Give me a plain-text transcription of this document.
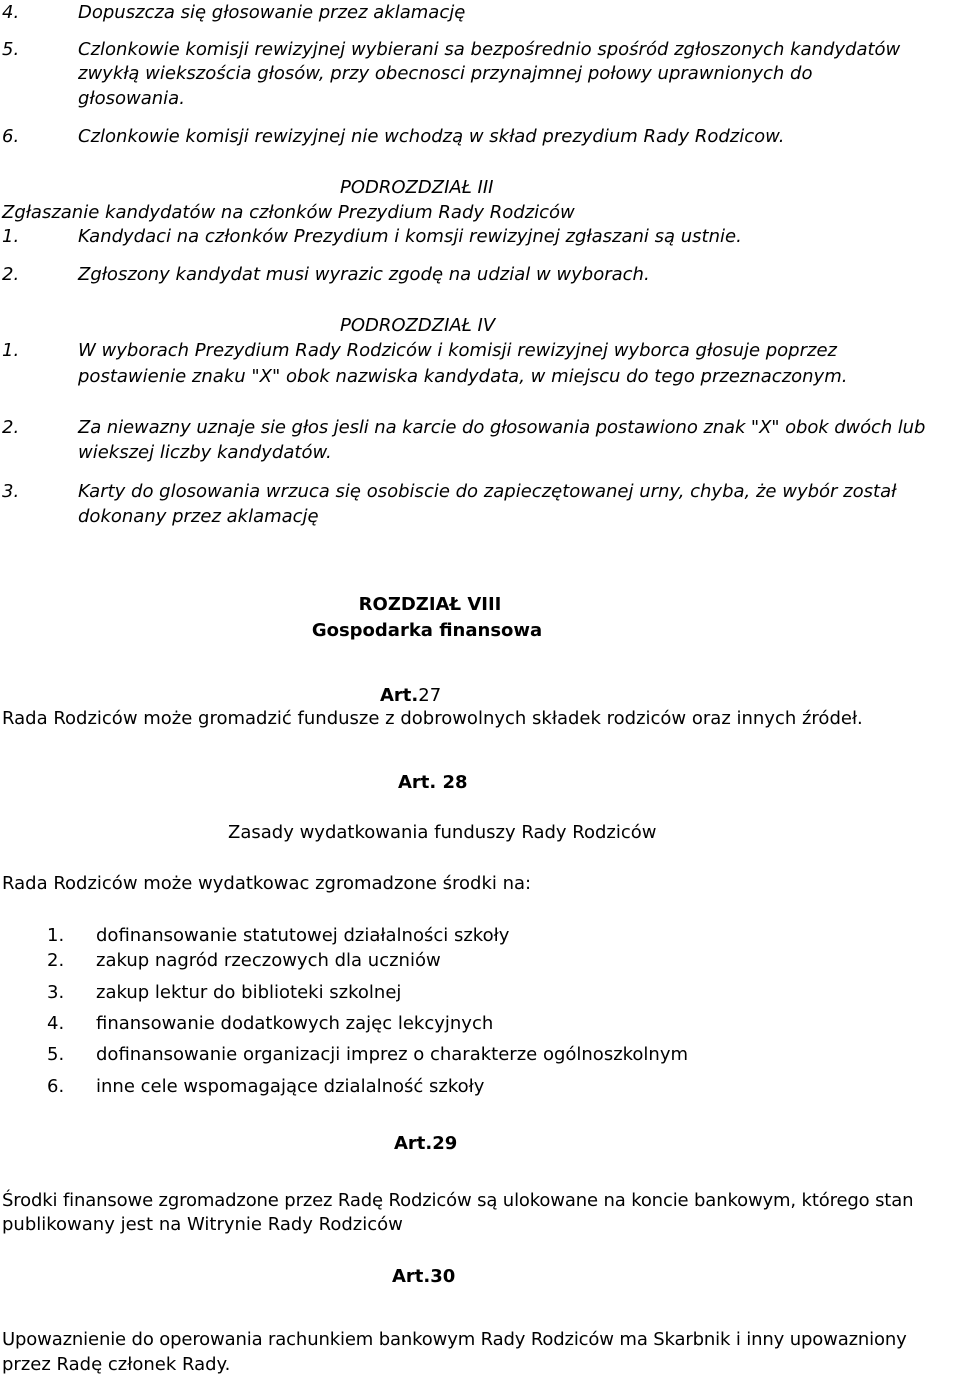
4.	Dopuszcza się głosowanie przez aklamację
5.	Czlonkowie komisji rewizyjnej wybierani sa bezpośrednio spośród zgłoszonych kandydatów
zwykłą wiekszościa głosów, przy obecnosci przynajmnej połowy uprawnionych do
głosowania.
6.	Czlonkowie komisji rewizyjnej nie wchodzą w skład prezydium Rady Rodzicow.
PODROZDZIAŁ III
Zgłaszanie kandydatów na członków Prezydium Rady Rodziców
1.	Kandydaci na członków Prezydium i komsji rewizyjnej zgłaszani są ustnie.
2.	Zgłoszony kandydat musi wyrazic zgodę na udzial w wyborach.
PODROZDZIAŁ IV
1.	W wyborach Prezydium Rady Rodziców i komisji rewizyjnej wyborca głosuje poprzez
postawienie znaku "X" obok nazwiska kandydata, w miejscu do tego przeznaczonym.
2.	Za niewazny uznaje sie głos jesli na karcie do głosowania postawiono znak "X" obok dwóch lub
wiekszej liczby kandydatów.
3.	Karty do glosowania wrzuca się osobiscie do zapieczętowanej urny, chyba, że wybór został
dokonany przez aklamację
ROZDZIAŁ VIII
Gospodarka finansowa
Art.27
Rada Rodziców może gromadzić fundusze z dobrowolnych składek rodziców oraz innych źródeł.
Art. 28
Zasady wydatkowania funduszy Rady Rodziców
Rada Rodziców może wydatkowac zgromadzone środki na:
1. dofinansowanie statutowej działalności szkoły
2. zakup nagród rzeczowych dla uczniów
3. zakup lektur do biblioteki szkolnej
4. finansowanie dodatkowych zajęc lekcyjnych
5. dofinansowanie organizacji imprez o charakterze ogólnoszkolnym
6. inne cele wspomagające dzialalność szkoły
Art.29
Środki finansowe zgromadzone przez Radę Rodziców są ulokowane na koncie bankowym, którego stan
publikowany jest na Witrynie Rady Rodziców
Art.30
Upowaznienie do operowania rachunkiem bankowym Rady Rodziców ma Skarbnik i inny upowazniony
przez Radę członek Rady.
